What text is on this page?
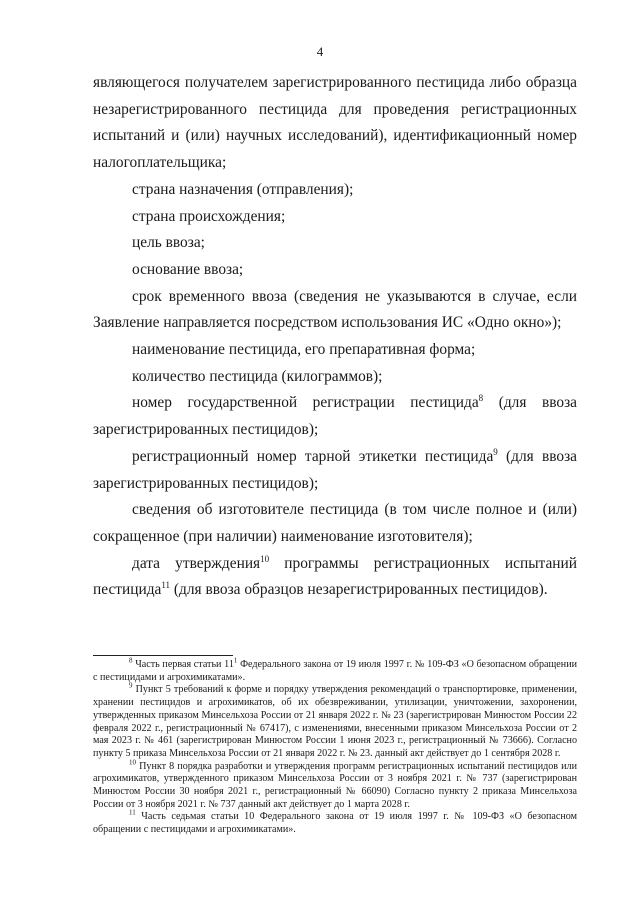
4

являющегося получателем зарегистрированного пестицида либо образца незарегистрированного пестицида для проведения регистрационных испытаний и (или) научных исследований), идентификационный номер налогоплательщика;

страна назначения (отправления);

страна происхождения;

цель ввоза;

основание ввоза;

срок временного ввоза (сведения не указываются в случае, если Заявление направляется посредством использования ИС «Одно окно»);

наименование пестицида, его препаративная форма;

количество пестицида (килограммов);

номер государственной регистрации пестицида$^8$ (для ввоза зарегистрированных пестицидов);

регистрационный номер тарной этикетки пестицида$^9$ (для ввоза зарегистрированных пестицидов);

сведения об изготовителе пестицида (в том числе полное и (или) сокращенное (при наличии) наименование изготовителя);

дата утверждения$^{10}$ программы регистрационных испытаний пестицида$^{11}$ (для ввоза образцов незарегистрированных пестицидов).

$^8$ Часть первая статьи $11^1$ Федерального закона от 19 июля 1997 г. № 109-ФЗ «О безопасном обращении с пестицидами и агрохимикатами».

$^9$ Пункт 5 требований к форме и порядку утверждения рекомендаций о транспортировке, применении, хранении пестицидов и агрохимикатов, об их обезвреживании, утилизации, уничтожении, захоронении, утвержденных приказом Минсельхоза России от 21 января 2022 г. № 23 (зарегистрирован Минюстом России 22 февраля 2022 г., регистрационный № 67417), с изменениями, внесенными приказом Минсельхоза России от 2 мая 2023 г. № 461 (зарегистрирован Минюстом России 1 июня 2023 г., регистрационный № 73666). Согласно пункту 5 приказа Минсельхоза России от 21 января 2022 г. № 23. данный акт действует до 1 сентября 2028 г.

$^{10}$ Пункт 8 порядка разработки и утверждения программ регистрационных испытаний пестицидов или агрохимикатов, утвержденного приказом Минсельхоза России от 3 ноября 2021 г. № 737 (зарегистрирован Минюстом России 30 ноября 2021 г., регистрационный № 66090) Согласно пункту 2 приказа Минсельхоза России от 3 ноября 2021 г. № 737 данный акт действует до 1 марта 2028 г.

$^{11}$ Часть седьмая статьи 10 Федерального закона от 19 июля 1997 г. № 109-ФЗ «О безопасном обращении с пестицидами и агрохимикатами».
